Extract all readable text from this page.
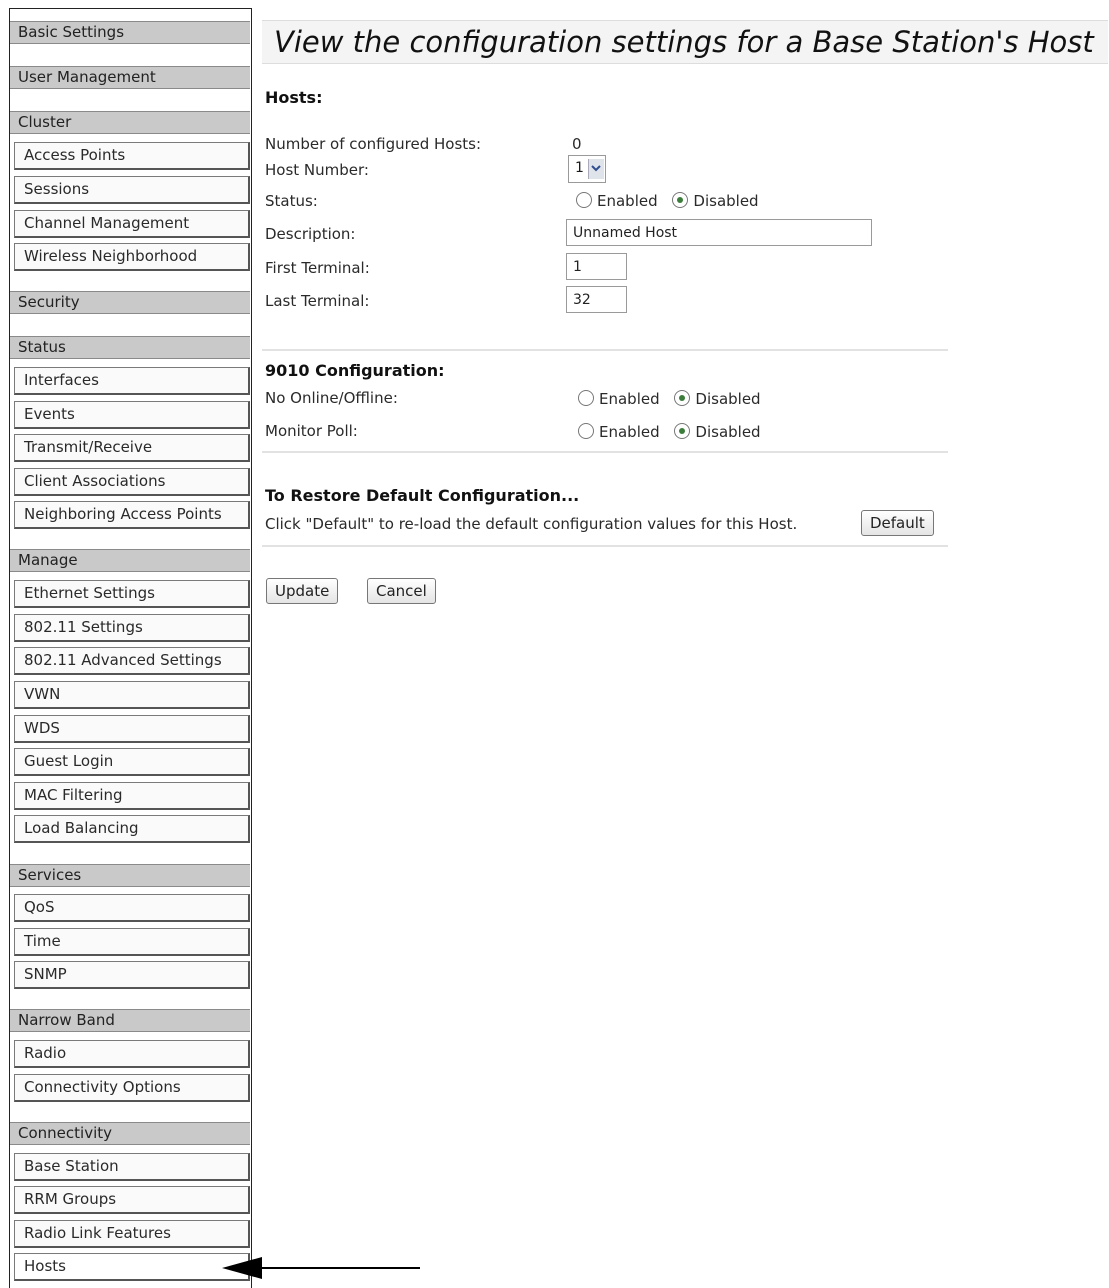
Basic Settings
User Management
Cluster
Access Points
Sessions
Channel Management
Wireless Neighborhood
Security
Status
Interfaces
Events
Transmit/Receive
Client Associations
Neighboring Access Points
Manage
Ethernet Settings
802.11 Settings
802.11 Advanced Settings
VWN
WDS
Guest Login
MAC Filtering
Load Balancing
Services
QoS
Time
SNMP
Narrow Band
Radio
Connectivity Options
Connectivity
Base Station
RRM Groups
Radio Link Features
Hosts
View the configuration settings for a Base Station's Host
Hosts:
Number of configured Hosts:	0
Host Number:	1
Status:	Enabled Disabled
Description:
Unnamed Host
First Terminal:
1
Last Terminal:
32
9010 Configuration:
No Online/Offline:	Enabled Disabled
Monitor Poll:	Enabled Disabled
To Restore Default Configuration...
Click "Default" to re-load the default configuration values for this Host.	Default
Update	Cancel
